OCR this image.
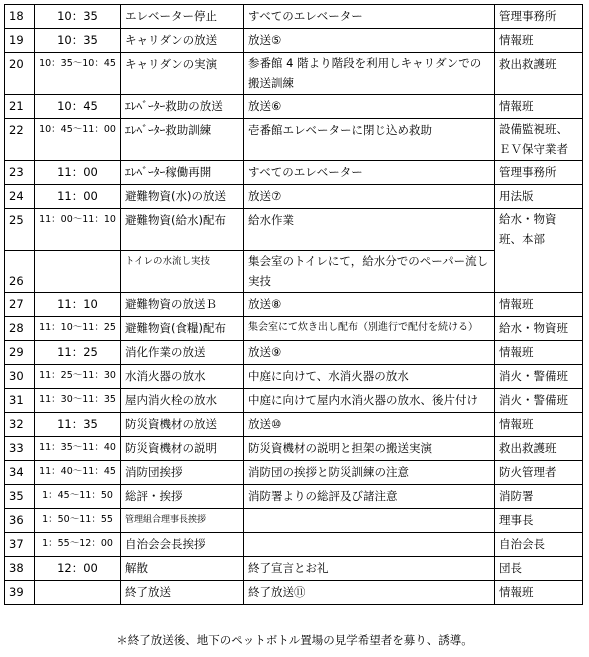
18	10：35	エレベーター停止	すべてのエレベーター	管理事務所
19	10：35	キャリダンの放送	放送⑤	情報班
20	10：35～10：45	キャリダンの実演	参番館 4 階より階段を利用しキャリダンでの搬送訓練	救出救護班
21	10：45	ｴﾚﾍﾞｰﾀｰ救助の放送	放送⑥	情報班
22	10：45～11：00	ｴﾚﾍﾞｰﾀｰ救助訓練	壱番館エレベーターに閉じ込め救助	設備監視班、ＥＶ保守業者
23	11：00	ｴﾚﾍﾞｰﾀｰ稼働再開	すべてのエレベーター	管理事務所
24	11：00	避難物資(水)の放送	放送⑦	用法版
25	11：00～11：10	避難物資(給水)配布	給水作業	給水・物資班、本部
26		トイレの水流し実技	集会室のトイレにて，給水分でのペーパー流し実技	
27	11：10	避難物資の放送Ｂ	放送⑧	情報班
28	11：10～11：25	避難物資(食糧)配布	集会室にて炊き出し配布（別進行で配付を続ける）	給水・物資班
29	11：25	消化作業の放送	放送⑨	情報班
30	11：25～11：30	水消火器の放水	中庭に向けて、水消火器の放水	消火・警備班
31	11：30～11：35	屋内消火栓の放水	中庭に向けて屋内水消火器の放水、後片付け	消火・警備班
32	11：35	防災資機材の放送	放送⑩	情報班
33	11：35～11：40	防災資機材の説明	防災資機材の説明と担架の搬送実演	救出救護班
34	11：40～11：45	消防団挨拶	消防団の挨拶と防災訓練の注意	防火管理者
35	1：45～11：50	総評・挨拶	消防署よりの総評及び諸注意	消防署
36	1：50～11：55	管理組合理事長挨拶		理事長
37	1：55～12：00	自治会会長挨拶		自治会長
38	12：00	解散	終了宣言とお礼	団長
39		終了放送	終了放送⑪	情報班
＊終了放送後、地下のペットボトル置場の見学希望者を募り、誘導。
